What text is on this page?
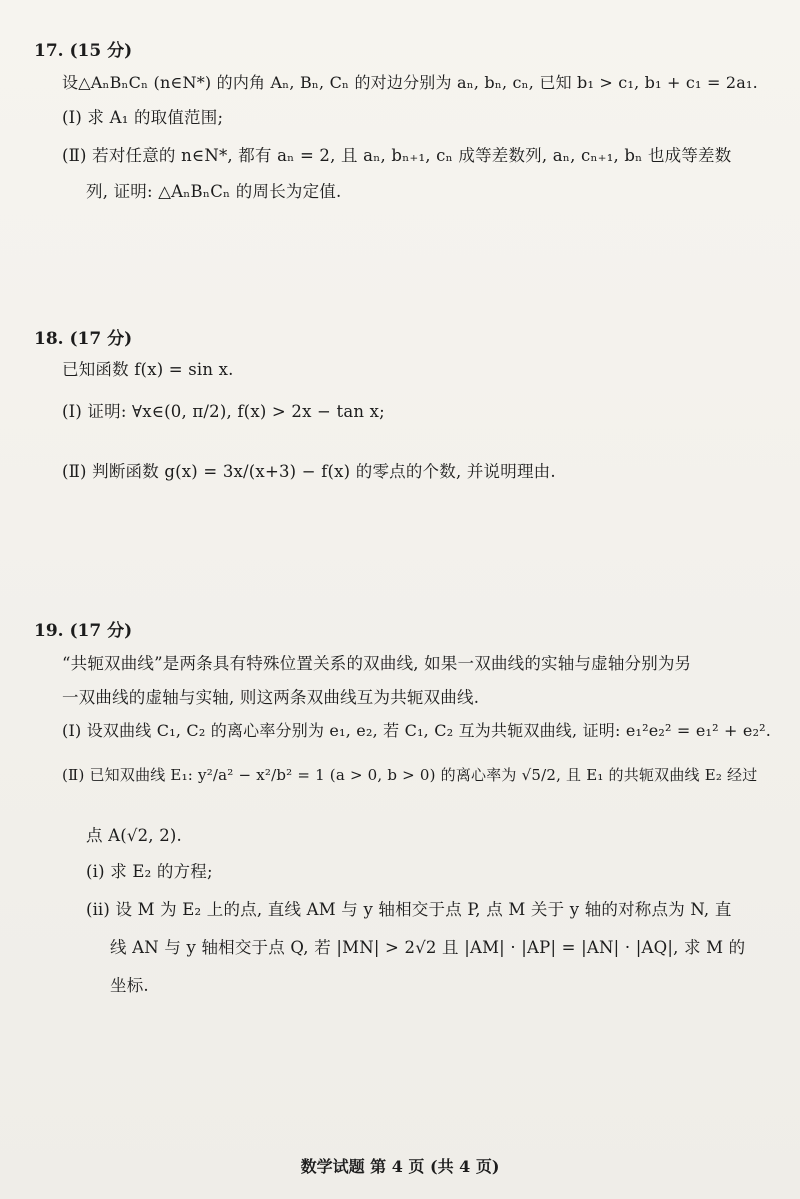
17. (15 分)
设△AₙBₙCₙ (n∈N*) 的内角 Aₙ, Bₙ, Cₙ 的对边分别为 aₙ, bₙ, cₙ, 已知 b₁ > c₁, b₁ + c₁ = 2a₁.
(Ⅰ) 求 A₁ 的取值范围;
(Ⅱ) 若对任意的 n∈N*, 都有 aₙ = 2, 且 aₙ, bₙ₊₁, cₙ 成等差数列, aₙ, cₙ₊₁, bₙ 也成等差数
列, 证明: △AₙBₙCₙ 的周长为定值.
18. (17 分)
已知函数 f(x) = sin x.
(Ⅰ) 证明: ∀x∈(0, π/2), f(x) > 2x − tan x;
(Ⅱ) 判断函数 g(x) = 3x/(x+3) − f(x) 的零点的个数, 并说明理由.
19. (17 分)
“共轭双曲线”是两条具有特殊位置关系的双曲线, 如果一双曲线的实轴与虚轴分别为另
一双曲线的虚轴与实轴, 则这两条双曲线互为共轭双曲线.
(Ⅰ) 设双曲线 C₁, C₂ 的离心率分别为 e₁, e₂, 若 C₁, C₂ 互为共轭双曲线, 证明: e₁²e₂² = e₁² + e₂².
(Ⅱ) 已知双曲线 E₁: y²/a² − x²/b² = 1 (a > 0, b > 0) 的离心率为 √5/2, 且 E₁ 的共轭双曲线 E₂ 经过
点 A(√2, 2).
(ⅰ) 求 E₂ 的方程;
(ⅱ) 设 M 为 E₂ 上的点, 直线 AM 与 y 轴相交于点 P, 点 M 关于 y 轴的对称点为 N, 直
线 AN 与 y 轴相交于点 Q, 若 |MN| > 2√2 且 |AM| · |AP| = |AN| · |AQ|, 求 M 的
坐标.
数学试题 第 4 页 (共 4 页)
